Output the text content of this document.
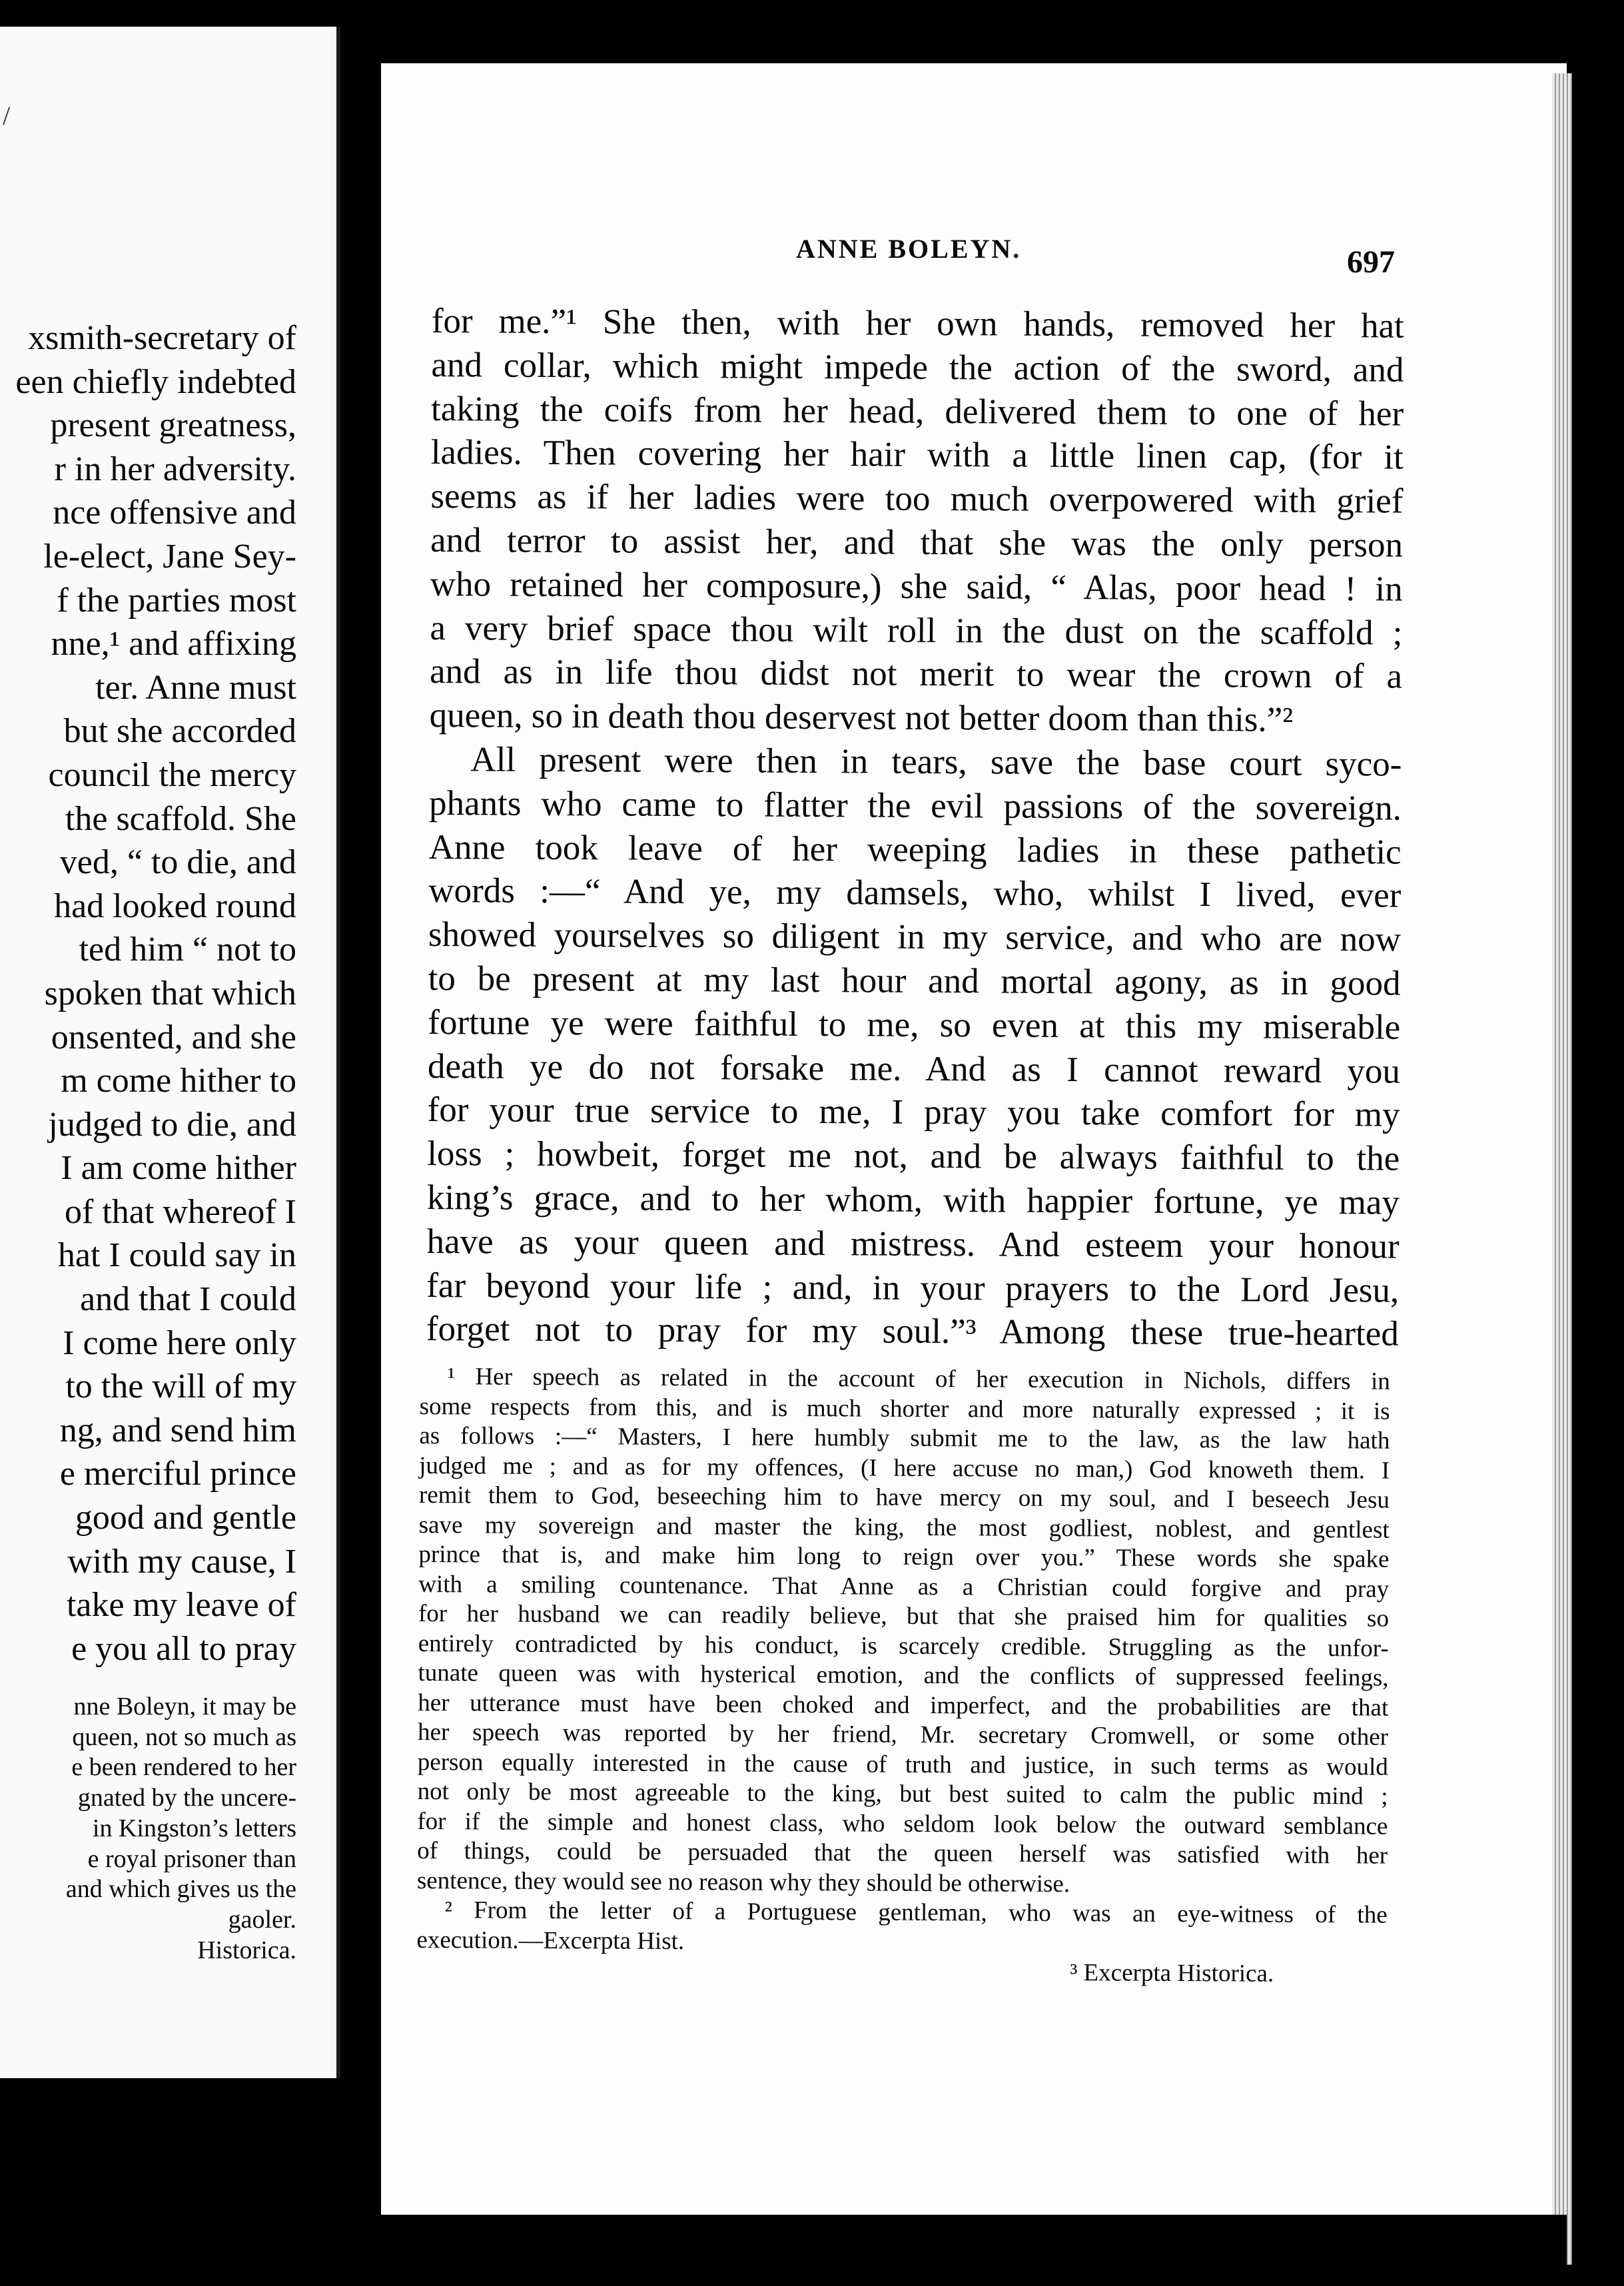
/
xsmith-secretary of
een chiefly indebted
present greatness,
r in her adversity.
nce offensive and
le-elect, Jane Sey-
f the parties most
nne,¹ and affixing
ter. Anne must
but she accorded
council the mercy
the scaffold. She
ved, “ to die, and
had looked round
ted him “ not to
spoken that which
onsented, and she
m come hither to
judged to die, and
I am come hither
of that whereof I
hat I could say in
and that I could
I come here only
to the will of my
ng, and send him
e merciful prince
good and gentle
with my cause, I
take my leave of
e you all to pray
nne Boleyn, it may be
queen, not so much as
e been rendered to her
gnated by the uncere-
in Kingston’s letters
e royal prisoner than
and which gives us the
gaoler.
Historica.
ANNE BOLEYN.	697
for me.”¹ She then, with her own hands, removed her hat
and collar, which might impede the action of the sword, and
taking the coifs from her head, delivered them to one of her
ladies. Then covering her hair with a little linen cap, (for it
seems as if her ladies were too much overpowered with grief
and terror to assist her, and that she was the only person
who retained her composure,) she said, “ Alas, poor head ! in
a very brief space thou wilt roll in the dust on the scaffold ;
and as in life thou didst not merit to wear the crown of a
queen, so in death thou deservest not better doom than this.”²
All present were then in tears, save the base court syco-
phants who came to flatter the evil passions of the sovereign.
Anne took leave of her weeping ladies in these pathetic
words :—“ And ye, my damsels, who, whilst I lived, ever
showed yourselves so diligent in my service, and who are now
to be present at my last hour and mortal agony, as in good
fortune ye were faithful to me, so even at this my miserable
death ye do not forsake me. And as I cannot reward you
for your true service to me, I pray you take comfort for my
loss ; howbeit, forget me not, and be always faithful to the
king’s grace, and to her whom, with happier fortune, ye may
have as your queen and mistress. And esteem your honour
far beyond your life ; and, in your prayers to the Lord Jesu,
forget not to pray for my soul.”³ Among these true-hearted
¹ Her speech as related in the account of her execution in Nichols, differs in
some respects from this, and is much shorter and more naturally expressed ; it is
as follows :—“ Masters, I here humbly submit me to the law, as the law hath
judged me ; and as for my offences, (I here accuse no man,) God knoweth them. I
remit them to God, beseeching him to have mercy on my soul, and I beseech Jesu
save my sovereign and master the king, the most godliest, noblest, and gentlest
prince that is, and make him long to reign over you.” These words she spake
with a smiling countenance. That Anne as a Christian could forgive and pray
for her husband we can readily believe, but that she praised him for qualities so
entirely contradicted by his conduct, is scarcely credible. Struggling as the unfor-
tunate queen was with hysterical emotion, and the conflicts of suppressed feelings,
her utterance must have been choked and imperfect, and the probabilities are that
her speech was reported by her friend, Mr. secretary Cromwell, or some other
person equally interested in the cause of truth and justice, in such terms as would
not only be most agreeable to the king, but best suited to calm the public mind ;
for if the simple and honest class, who seldom look below the outward semblance
of things, could be persuaded that the queen herself was satisfied with her
sentence, they would see no reason why they should be otherwise.
² From the letter of a Portuguese gentleman, who was an eye-witness of the
execution.—Excerpta Hist.
³ Excerpta Historica.
